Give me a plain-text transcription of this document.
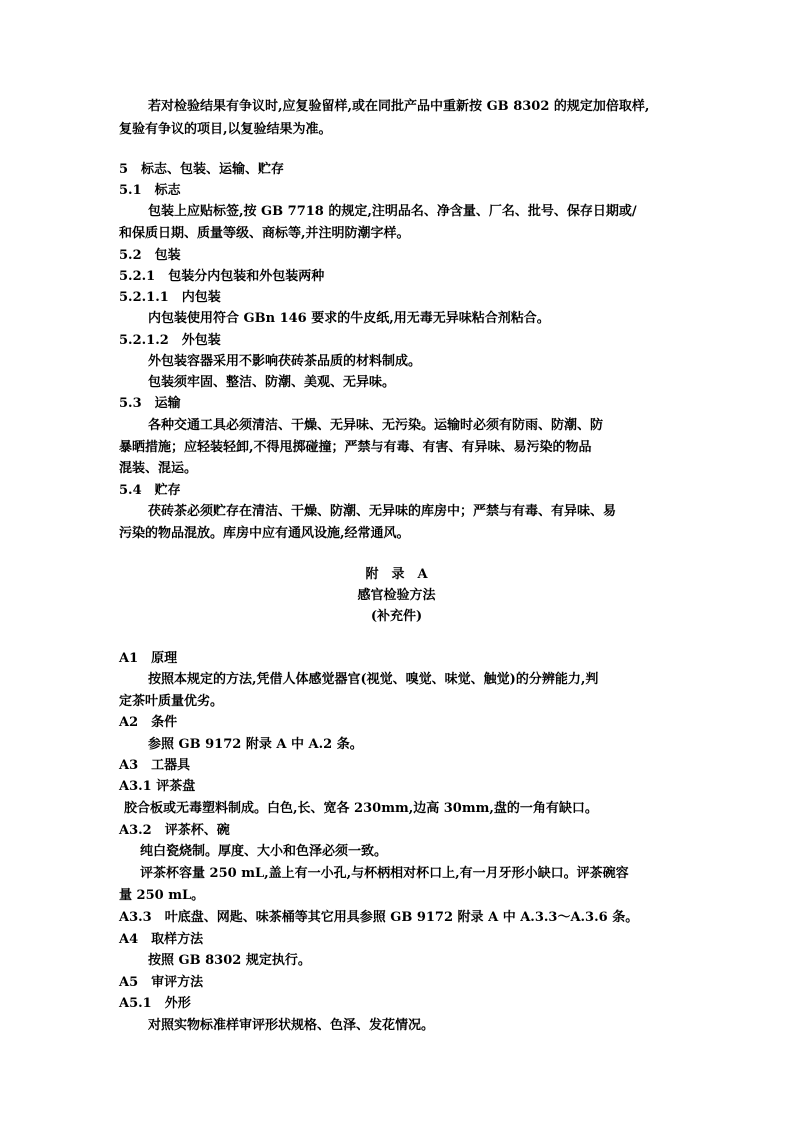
若对检验结果有争议时,应复验留样,或在同批产品中重新按 GB 8302 的规定加倍取样,
复验有争议的项目,以复验结果为准。
5　标志、包装、运输、贮存
5.1　标志
包装上应贴标签,按 GB 7718 的规定,注明品名、净含量、厂名、批号、保存日期或/
和保质日期、质量等级、商标等,并注明防潮字样。
5.2　包装
5.2.1　包装分内包装和外包装两种
5.2.1.1　内包装
内包装使用符合 GBn 146 要求的牛皮纸,用无毒无异味粘合剂粘合。
5.2.1.2　外包装
外包装容器采用不影响茯砖茶品质的材料制成。
包装须牢固、整洁、防潮、美观、无异味。
5.3　运输
各种交通工具必须清洁、干燥、无异味、无污染。运输时必须有防雨、防潮、防
暴晒措施；应轻装轻卸,不得甩掷碰撞；严禁与有毒、有害、有异味、易污染的物品
混装、混运。
5.4　贮存
茯砖茶必须贮存在清洁、干燥、防潮、无异味的库房中；严禁与有毒、有异味、易
污染的物品混放。库房中应有通风设施,经常通风。
附　录　A
感官检验方法
(补充件)
A1　原理
按照本规定的方法,凭借人体感觉器官(视觉、嗅觉、味觉、触觉)的分辨能力,判
定茶叶质量优劣。
A2　条件
参照 GB 9172 附录 A 中 A.2 条。
A3　工器具
A3.1 评茶盘
胶合板或无毒塑料制成。白色,长、宽各 230mm,边高 30mm,盘的一角有缺口。
A3.2　评茶杯、碗
纯白瓷烧制。厚度、大小和色泽必须一致。
评茶杯容量 250 mL,盖上有一小孔,与杯柄相对杯口上,有一月牙形小缺口。评茶碗容
量 250 mL。
A3.3　叶底盘、网匙、味茶桶等其它用具参照 GB 9172 附录 A 中 A.3.3～A.3.6 条。
A4　取样方法
按照 GB 8302 规定执行。
A5　审评方法
A5.1　外形
对照实物标准样审评形状规格、色泽、发花情况。
